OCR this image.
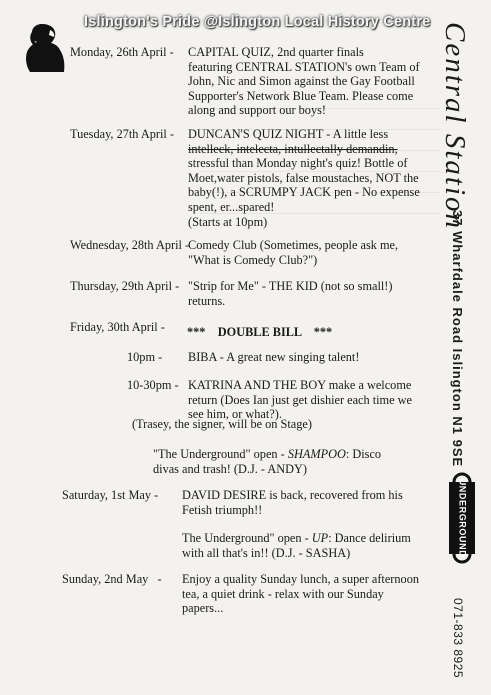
Islington's Pride @Islington Local History Centre
Monday, 26th April - CAPITAL QUIZ, 2nd quarter finals
featuring CENTRAL STATION's own Team of
John, Nic and Simon against the Gay Football
Supporter's Network Blue Team. Please come
along and support our boys!
Tuesday, 27th April - DUNCAN'S QUIZ NIGHT - A little less
intelleck, intelecta, intullectally demandin,
stressful than Monday night's quiz! Bottle of
Moet,water pistols, false moustaches, NOT the
baby(!), a SCRUMPY JACK pen - No expense
spent, er...spared!
(Starts at 10pm)
Wednesday, 28th April -
Comedy Club (Sometimes, people ask me,
"What is Comedy Club?")
Thursday, 29th April - "Strip for Me" - THE KID (not so small!)
returns.
Friday, 30th April - ***    DOUBLE BILL    ***
10pm - BIBA - A great new singing talent!
10-30pm - KATRINA AND THE BOY make a welcome
return (Does Ian just get dishier each time we
see him, or what?).
(Trasey, the signer, will be on Stage)
"The Underground" open - SHAMPOO: Disco
divas and trash! (D.J. - ANDY)
Saturday, 1st May - DAVID DESIRE is back, recovered from his
Fetish triumph!!
The Underground" open - UP: Dance delirium
with all that's in!! (D.J. - SASHA)
Sunday, 2nd May   - Enjoy a quality Sunday lunch, a super afternoon
tea, a quiet drink - relax with our Sunday
papers...
Central Station
37 Wharfdale Road Islington N1 9SE
UNDERGROUND
071-833 8925
